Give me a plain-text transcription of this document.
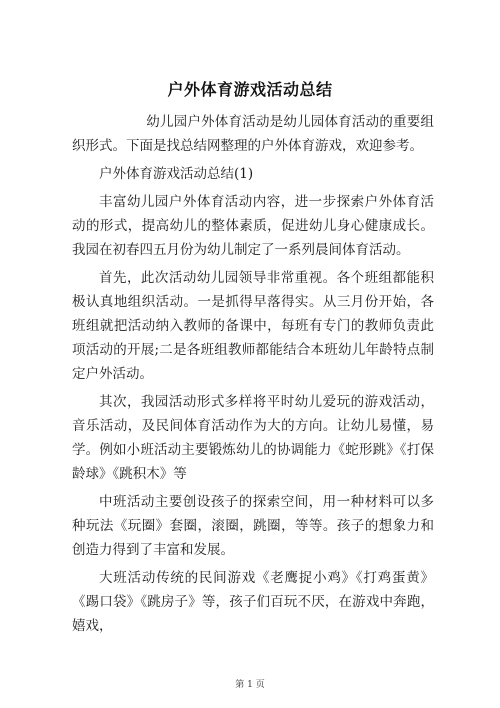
户外体育游戏活动总结

幼儿园户外体育活动是幼儿园体育活动的重要组织形式。下面是找总结网整理的户外体育游戏，欢迎参考。

户外体育游戏活动总结(1)

丰富幼儿园户外体育活动内容，进一步探索户外体育活动的形式，提高幼儿的整体素质，促进幼儿身心健康成长。我园在初春四五月份为幼儿制定了一系列晨间体育活动。

首先，此次活动幼儿园领导非常重视。各个班组都能积极认真地组织活动。一是抓得早落得实。从三月份开始，各班组就把活动纳入教师的备课中，每班有专门的教师负责此项活动的开展;二是各班组教师都能结合本班幼儿年龄特点制定户外活动。

其次，我园活动形式多样将平时幼儿爱玩的游戏活动，音乐活动，及民间体育活动作为大的方向。让幼儿易懂，易学。例如小班活动主要锻炼幼儿的协调能力《蛇形跳》《打保龄球》《跳积木》等

中班活动主要创设孩子的探索空间，用一种材料可以多种玩法《玩圈》套圈，滚圈，跳圈，等等。孩子的想象力和创造力得到了丰富和发展。

大班活动传统的民间游戏《老鹰捉小鸡》《打鸡蛋黄》《踢口袋》《跳房子》等，孩子们百玩不厌，在游戏中奔跑，嬉戏，

第 1 页
